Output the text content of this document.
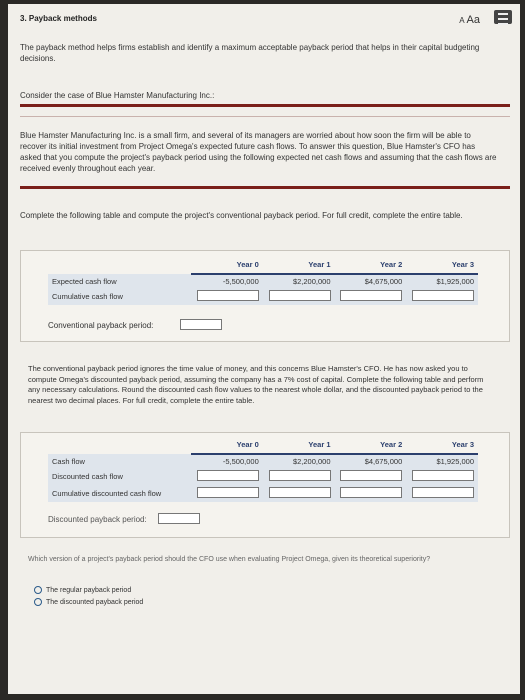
3. Payback methods	A Aa
The payback method helps firms establish and identify a maximum acceptable payback period that helps in their capital budgeting decisions.
Consider the case of Blue Hamster Manufacturing Inc.:
Blue Hamster Manufacturing Inc. is a small firm, and several of its managers are worried about how soon the firm will be able to recover its initial investment from Project Omega's expected future cash flows. To answer this question, Blue Hamster's CFO has asked that you compute the project's payback period using the following expected net cash flows and assuming that the cash flows are received evenly throughout each year.
Complete the following table and compute the project's conventional payback period. For full credit, complete the entire table.
	Year 0	Year 1	Year 2	Year 3
Expected cash flow	-5,500,000	$2,200,000	$4,675,000	$1,925,000
Cumulative cash flow				
Conventional payback period:
The conventional payback period ignores the time value of money, and this concerns Blue Hamster's CFO. He has now asked you to compute Omega's discounted payback period, assuming the company has a 7% cost of capital. Complete the following table and perform any necessary calculations. Round the discounted cash flow values to the nearest whole dollar, and the discounted payback period to the nearest two decimal places. For full credit, complete the entire table.
	Year 0	Year 1	Year 2	Year 3
Cash flow	-5,500,000	$2,200,000	$4,675,000	$1,925,000
Discounted cash flow				
Cumulative discounted cash flow				
Discounted payback period:
Which version of a project's payback period should the CFO use when evaluating Project Omega, given its theoretical superiority?
The regular payback period
The discounted payback period
